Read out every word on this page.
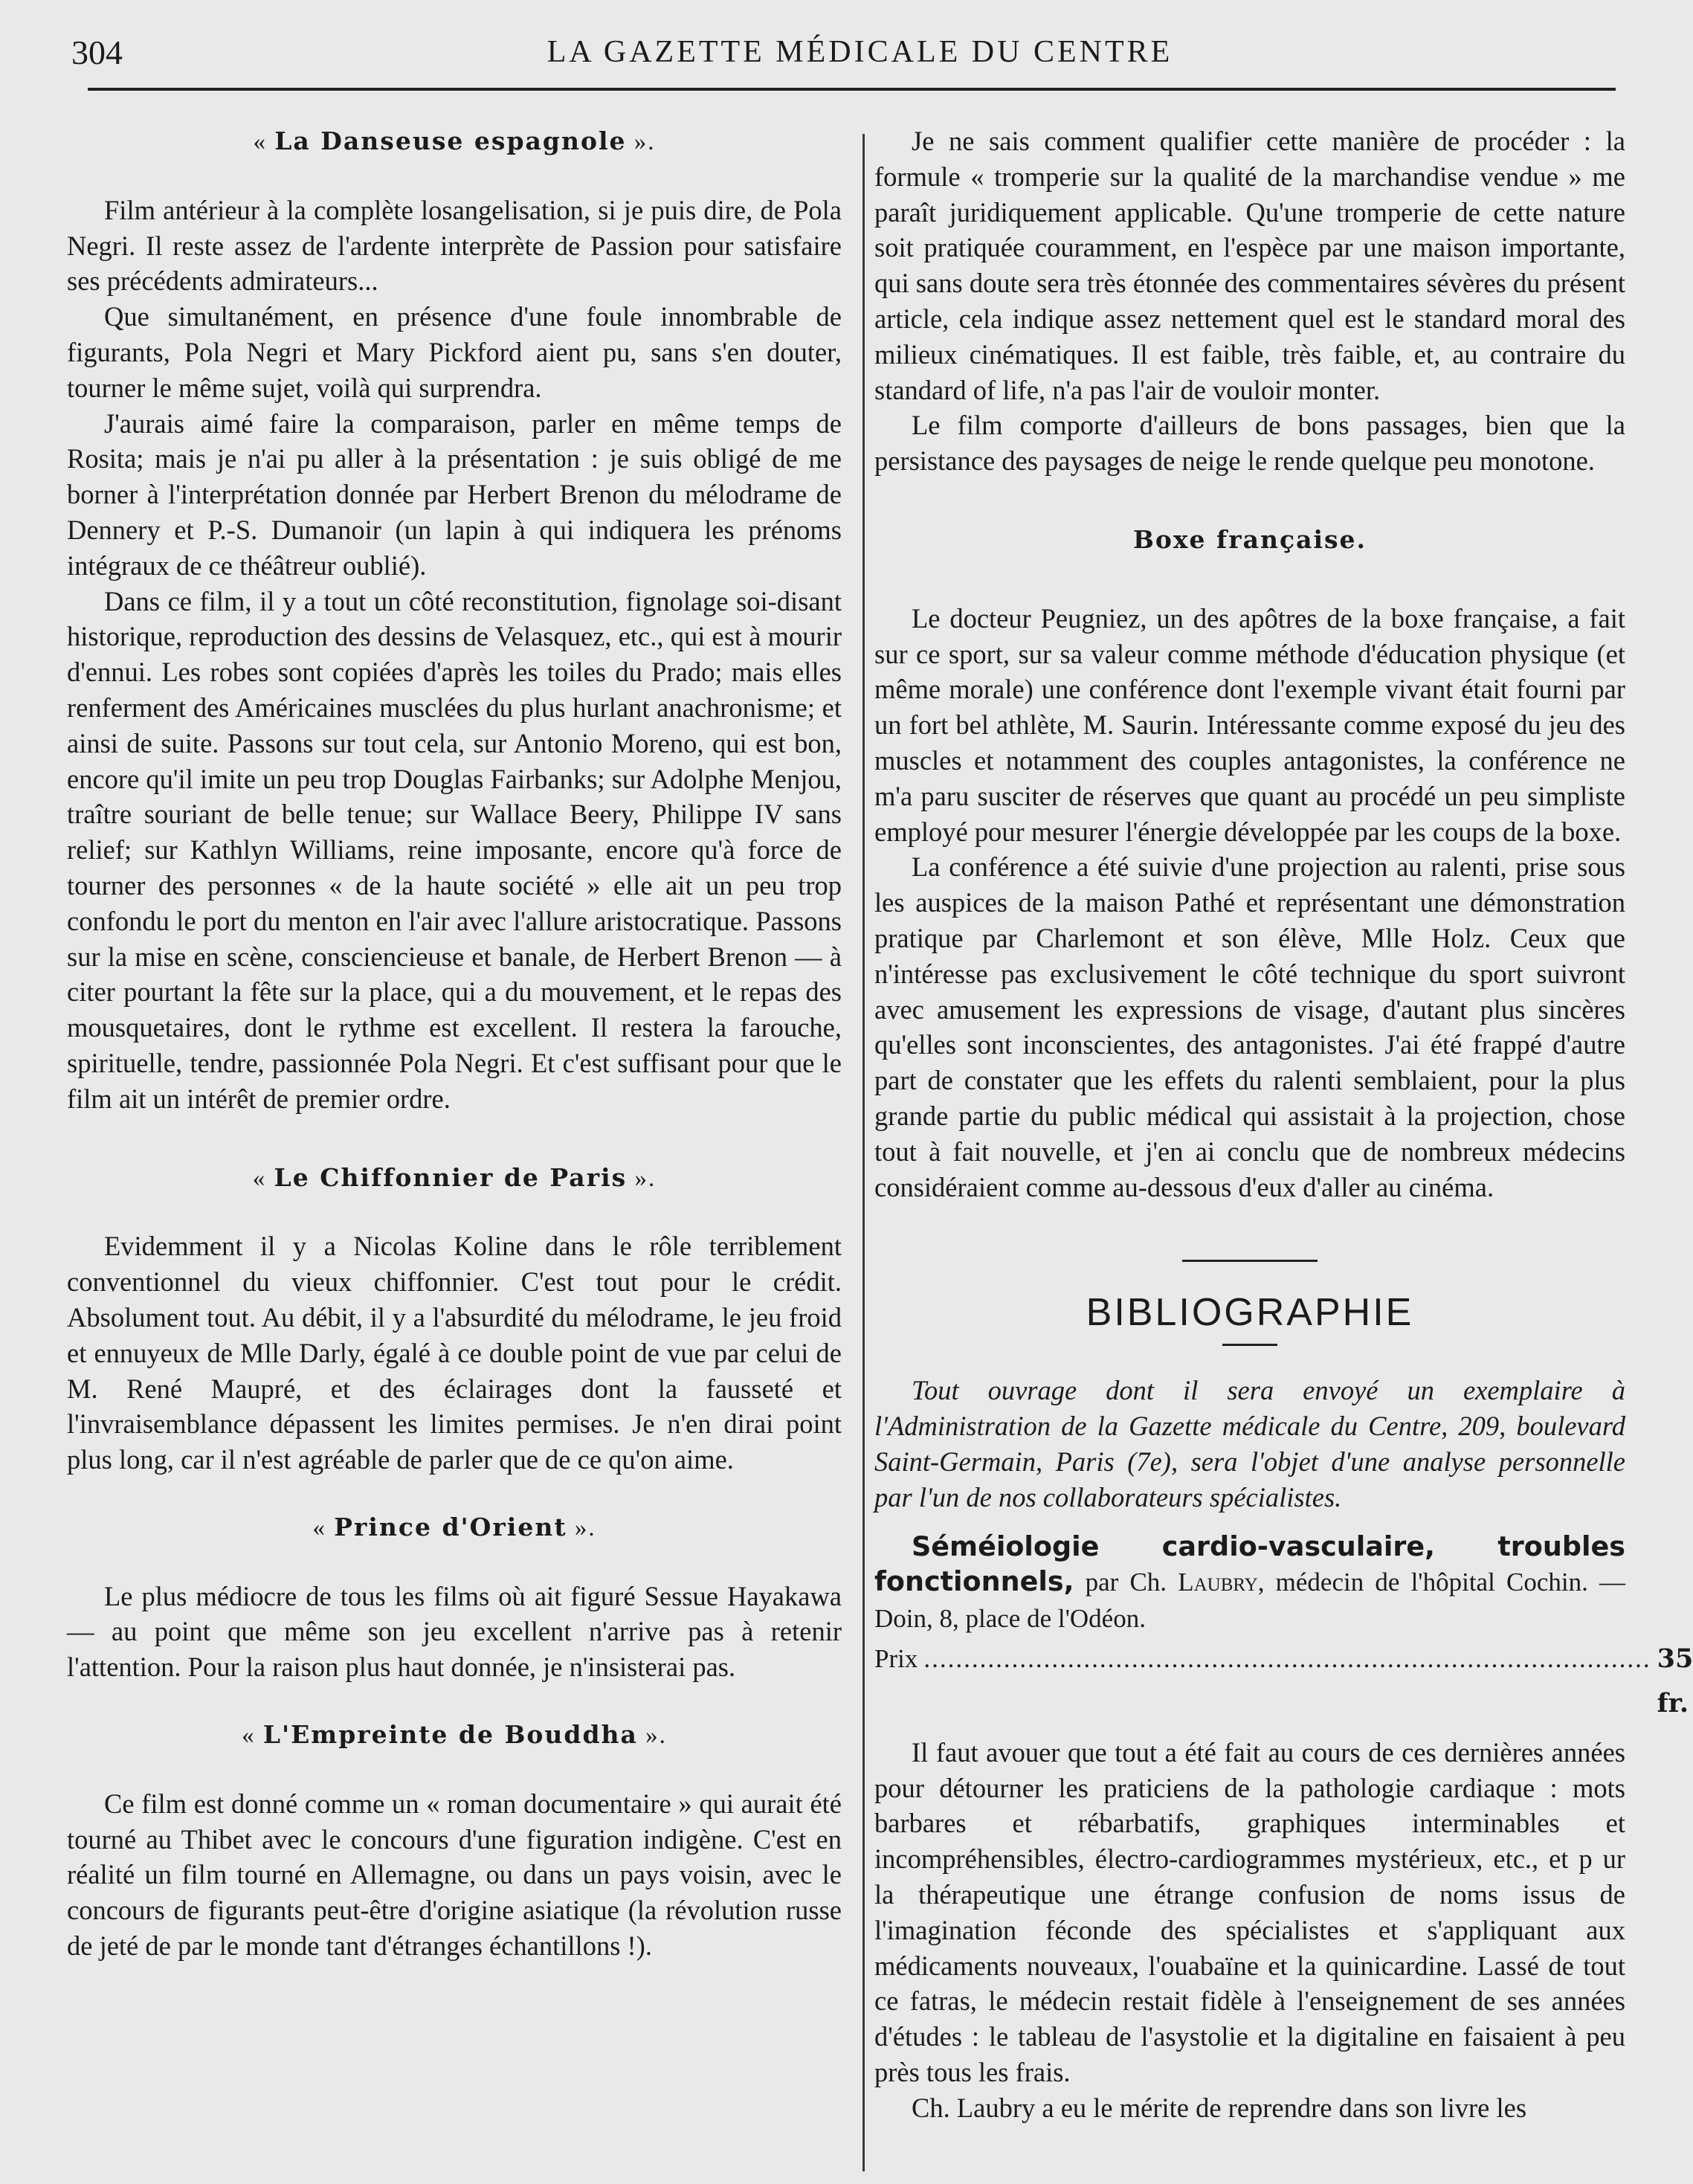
304	LA GAZETTE MÉDICALE DU CENTRE
« La Danseuse espagnole ».

Film antérieur à la complète losangelisation, si je puis dire, de Pola Negri. Il reste assez de l'ardente interprète de Passion pour satisfaire ses précédents admirateurs...

Que simultanément, en présence d'une foule innombrable de figurants, Pola Negri et Mary Pickford aient pu, sans s'en douter, tourner le même sujet, voilà qui surprendra.

J'aurais aimé faire la comparaison, parler en même temps de Rosita; mais je n'ai pu aller à la présentation : je suis obligé de me borner à l'interprétation donnée par Herbert Brenon du mélodrame de Dennery et P.-S. Dumanoir (un lapin à qui indiquera les prénoms intégraux de ce théâtreur oublié).

Dans ce film, il y a tout un côté reconstitution, fignolage soi-disant historique, reproduction des dessins de Velasquez, etc., qui est à mourir d'ennui. Les robes sont copiées d'après les toiles du Prado; mais elles renferment des Américaines musclées du plus hurlant anachronisme; et ainsi de suite. Passons sur tout cela, sur Antonio Moreno, qui est bon, encore qu'il imite un peu trop Douglas Fairbanks; sur Adolphe Menjou, traître souriant de belle tenue; sur Wallace Beery, Philippe IV sans relief; sur Kathlyn Williams, reine imposante, encore qu'à force de tourner des personnes « de la haute société » elle ait un peu trop confondu le port du menton en l'air avec l'allure aristocratique. Passons sur la mise en scène, consciencieuse et banale, de Herbert Brenon — à citer pourtant la fête sur la place, qui a du mouvement, et le repas des mousquetaires, dont le rythme est excellent. Il restera la farouche, spirituelle, tendre, passionnée Pola Negri. Et c'est suffisant pour que le film ait un intérêt de premier ordre.

« Le Chiffonnier de Paris ».

Evidemment il y a Nicolas Koline dans le rôle terriblement conventionnel du vieux chiffonnier. C'est tout pour le crédit. Absolument tout. Au débit, il y a l'absurdité du mélodrame, le jeu froid et ennuyeux de Mlle Darly, égalé à ce double point de vue par celui de M. René Maupré, et des éclairages dont la fausseté et l'invraisemblance dépassent les limites permises. Je n'en dirai point plus long, car il n'est agréable de parler que de ce qu'on aime.

« Prince d'Orient ».

Le plus médiocre de tous les films où ait figuré Sessue Hayakawa — au point que même son jeu excellent n'arrive pas à retenir l'attention. Pour la raison plus haut donnée, je n'insisterai pas.

« L'Empreinte de Bouddha ».

Ce film est donné comme un « roman documentaire » qui aurait été tourné au Thibet avec le concours d'une figuration indigène. C'est en réalité un film tourné en Allemagne, ou dans un pays voisin, avec le concours de figurants peut-être d'origine asiatique (la révolution russe de jeté de par le monde tant d'étranges échantillons !).

Je ne sais comment qualifier cette manière de procéder : la formule « tromperie sur la qualité de la marchandise vendue » me paraît juridiquement applicable. Qu'une tromperie de cette nature soit pratiquée couramment, en l'espèce par une maison importante, qui sans doute sera très étonnée des commentaires sévères du présent article, cela indique assez nettement quel est le standard moral des milieux cinématiques. Il est faible, très faible, et, au contraire du standard of life, n'a pas l'air de vouloir monter.

Le film comporte d'ailleurs de bons passages, bien que la persistance des paysages de neige le rende quelque peu monotone.

Boxe française.

Le docteur Peugniez, un des apôtres de la boxe française, a fait sur ce sport, sur sa valeur comme méthode d'éducation physique (et même morale) une conférence dont l'exemple vivant était fourni par un fort bel athlète, M. Saurin. Intéressante comme exposé du jeu des muscles et notamment des couples antagonistes, la conférence ne m'a paru susciter de réserves que quant au procédé un peu simpliste employé pour mesurer l'énergie développée par les coups de la boxe.

La conférence a été suivie d'une projection au ralenti, prise sous les auspices de la maison Pathé et représentant une démonstration pratique par Charlemont et son élève, Mlle Holz. Ceux que n'intéresse pas exclusivement le côté technique du sport suivront avec amusement les expressions de visage, d'autant plus sincères qu'elles sont inconscientes, des antagonistes. J'ai été frappé d'autre part de constater que les effets du ralenti semblaient, pour la plus grande partie du public médical qui assistait à la projection, chose tout à fait nouvelle, et j'en ai conclu que de nombreux médecins considéraient comme au-dessous d'eux d'aller au cinéma.

BIBLIOGRAPHIE

Tout ouvrage dont il sera envoyé un exemplaire à l'Administration de la Gazette médicale du Centre, 209, boulevard Saint-Germain, Paris (7e), sera l'objet d'une analyse personnelle par l'un de nos collaborateurs spécialistes.

Séméiologie cardio-vasculaire, troubles fonctionnels, par Ch. Laubry, médecin de l'hôpital Cochin. — Doin, 8, place de l'Odéon.

Prix ........................................................................................... 35 fr.

Il faut avouer que tout a été fait au cours de ces dernières années pour détourner les praticiens de la pathologie cardiaque : mots barbares et rébarbatifs, graphiques interminables et incompréhensibles, électro-cardiogrammes mystérieux, etc., et p ur la thérapeutique une étrange confusion de noms issus de l'imagination féconde des spécialistes et s'appliquant aux médicaments nouveaux, l'ouabaïne et la quinicardine. Lassé de tout ce fatras, le médecin restait fidèle à l'enseignement de ses années d'études : le tableau de l'asystolie et la digitaline en faisaient à peu près tous les frais.

Ch. Laubry a eu le mérite de reprendre dans son livre les
